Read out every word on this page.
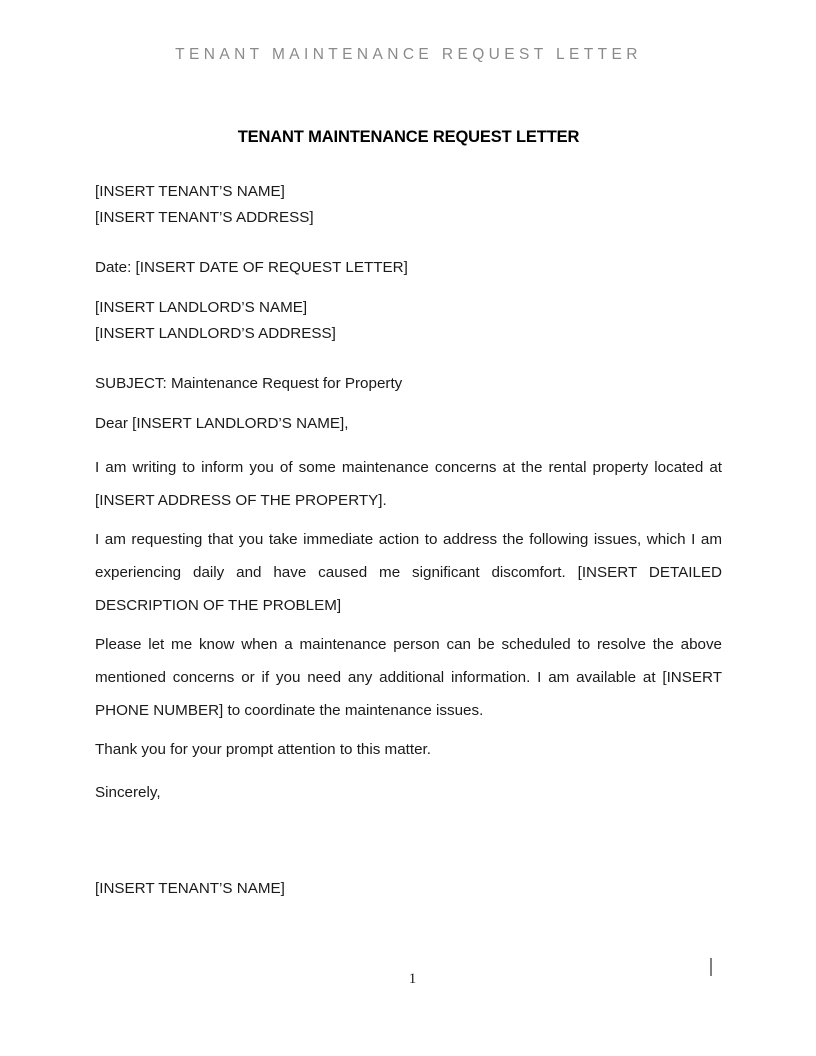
TENANT MAINTENANCE REQUEST LETTER
TENANT MAINTENANCE REQUEST LETTER
[INSERT TENANT’S NAME]
[INSERT TENANT’S ADDRESS]
Date: [INSERT DATE OF REQUEST LETTER]
[INSERT LANDLORD’S NAME]
[INSERT LANDLORD’S ADDRESS]
SUBJECT: Maintenance Request for Property
Dear [INSERT LANDLORD’S NAME],

I am writing to inform you of some maintenance concerns at the rental property located at [INSERT ADDRESS OF THE PROPERTY].

I am requesting that you take immediate action to address the following issues, which I am experiencing daily and have caused me significant discomfort. [INSERT DETAILED DESCRIPTION OF THE PROBLEM]

Please let me know when a maintenance person can be scheduled to resolve the above mentioned concerns or if you need any additional information. I am available at [INSERT PHONE NUMBER] to coordinate the maintenance issues.

Thank you for your prompt attention to this matter.

Sincerely,
[INSERT TENANT’S NAME]
1
